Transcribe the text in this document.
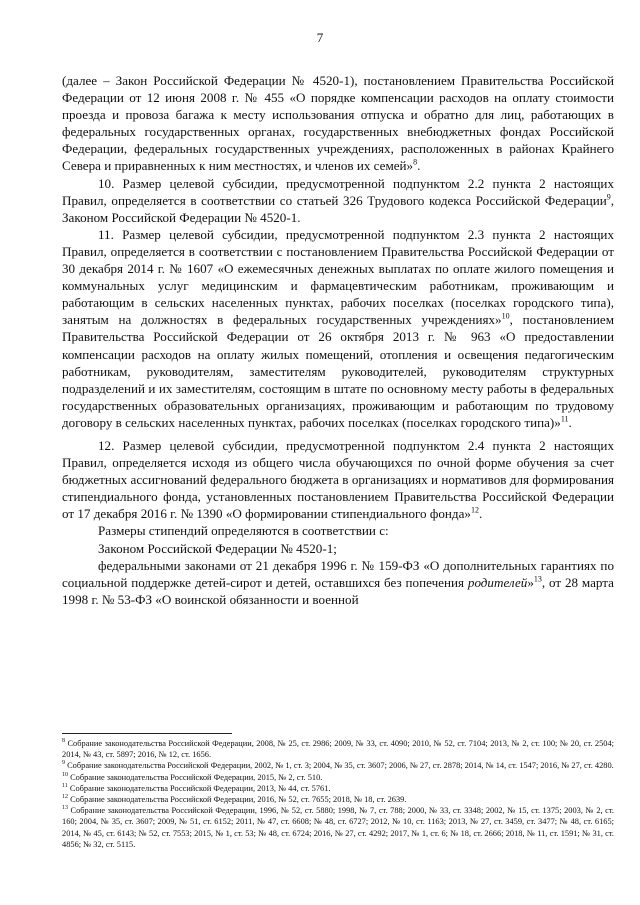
7

(далее – Закон Российской Федерации № 4520-1), постановлением Правительства Российской Федерации от 12 июня 2008 г. № 455 «О порядке компенсации расходов на оплату стоимости проезда и провоза багажа к месту использования отпуска и обратно для лиц, работающих в федеральных государственных органах, государственных внебюджетных фондах Российской Федерации, федеральных государственных учреждениях, расположенных в районах Крайнего Севера и приравненных к ним местностях, и членов их семей»$^8$.

10. Размер целевой субсидии, предусмотренной подпунктом 2.2 пункта 2 настоящих Правил, определяется в соответствии со статьей 326 Трудового кодекса Российской Федерации$^9$, Законом Российской Федерации № 4520-1.

11. Размер целевой субсидии, предусмотренной подпунктом 2.3 пункта 2 настоящих Правил, определяется в соответствии с постановлением Правительства Российской Федерации от 30 декабря 2014 г. № 1607 «О ежемесячных денежных выплатах по оплате жилого помещения и коммунальных услуг медицинским и фармацевтическим работникам, проживающим и работающим в сельских населенных пунктах, рабочих поселках (поселках городского типа), занятым на должностях в федеральных государственных учреждениях»$^{10}$, постановлением Правительства Российской Федерации от 26 октября 2013 г. № 963 «О предоставлении компенсации расходов на оплату жилых помещений, отопления и освещения педагогическим работникам, руководителям, заместителям руководителей, руководителям структурных подразделений и их заместителям, состоящим в штате по основному месту работы в федеральных государственных образовательных организациях, проживающим и работающим по трудовому договору в сельских населенных пунктах, рабочих поселках (поселках городского типа)»$^{11}$.

12. Размер целевой субсидии, предусмотренной подпунктом 2.4 пункта 2 настоящих Правил, определяется исходя из общего числа обучающихся по очной форме обучения за счет бюджетных ассигнований федерального бюджета в организациях и нормативов для формирования стипендиального фонда, установленных постановлением Правительства Российской Федерации от 17 декабря 2016 г. № 1390 «О формировании стипендиального фонда»$^{12}$.

Размеры стипендий определяются в соответствии с:

Законом Российской Федерации № 4520-1;

федеральными законами от 21 декабря 1996 г. № 159-ФЗ «О дополнительных гарантиях по социальной поддержке детей-сирот и детей, оставшихся без попечения родителей»$^{13}$, от 28 марта 1998 г. № 53-ФЗ «О воинской обязанности и военной

$^8$ Собрание законодательства Российской Федерации, 2008, № 25, ст. 2986; 2009, № 33, ст. 4090; 2010, № 52, ст. 7104; 2013, № 2, ст. 100; № 20, ст. 2504; 2014, № 43, ст. 5897; 2016, № 12, ст. 1656.

$^9$ Собрание законодательства Российской Федерации, 2002, № 1, ст. 3; 2004, № 35, ст. 3607; 2006, № 27, ст. 2878; 2014, № 14, ст. 1547; 2016, № 27, ст. 4280.

$^{10}$ Собрание законодательства Российской Федерации, 2015, № 2, ст. 510.

$^{11}$ Собрание законодательства Российской Федерации, 2013, № 44, ст. 5761.

$^{12}$ Собрание законодательства Российской Федерации, 2016, № 52, ст. 7655; 2018, № 18, ст. 2639.

$^{13}$ Собрание законодательства Российской Федерации, 1996, № 52, ст. 5880; 1998, № 7, ст. 788; 2000, № 33, ст. 3348; 2002, № 15, ст. 1375; 2003, № 2, ст. 160; 2004, № 35, ст. 3607; 2009, № 51, ст. 6152; 2011, № 47, ст. 6608; № 48, ст. 6727; 2012, № 10, ст. 1163; 2013, № 27, ст. 3459, ст. 3477; № 48, ст. 6165; 2014, № 45, ст. 6143; № 52, ст. 7553; 2015, № 1, ст. 53; № 48, ст. 6724; 2016, № 27, ст. 4292; 2017, № 1, ст. 6; № 18, ст. 2666; 2018, № 11, ст. 1591; № 31, ст. 4856; № 32, ст. 5115.
